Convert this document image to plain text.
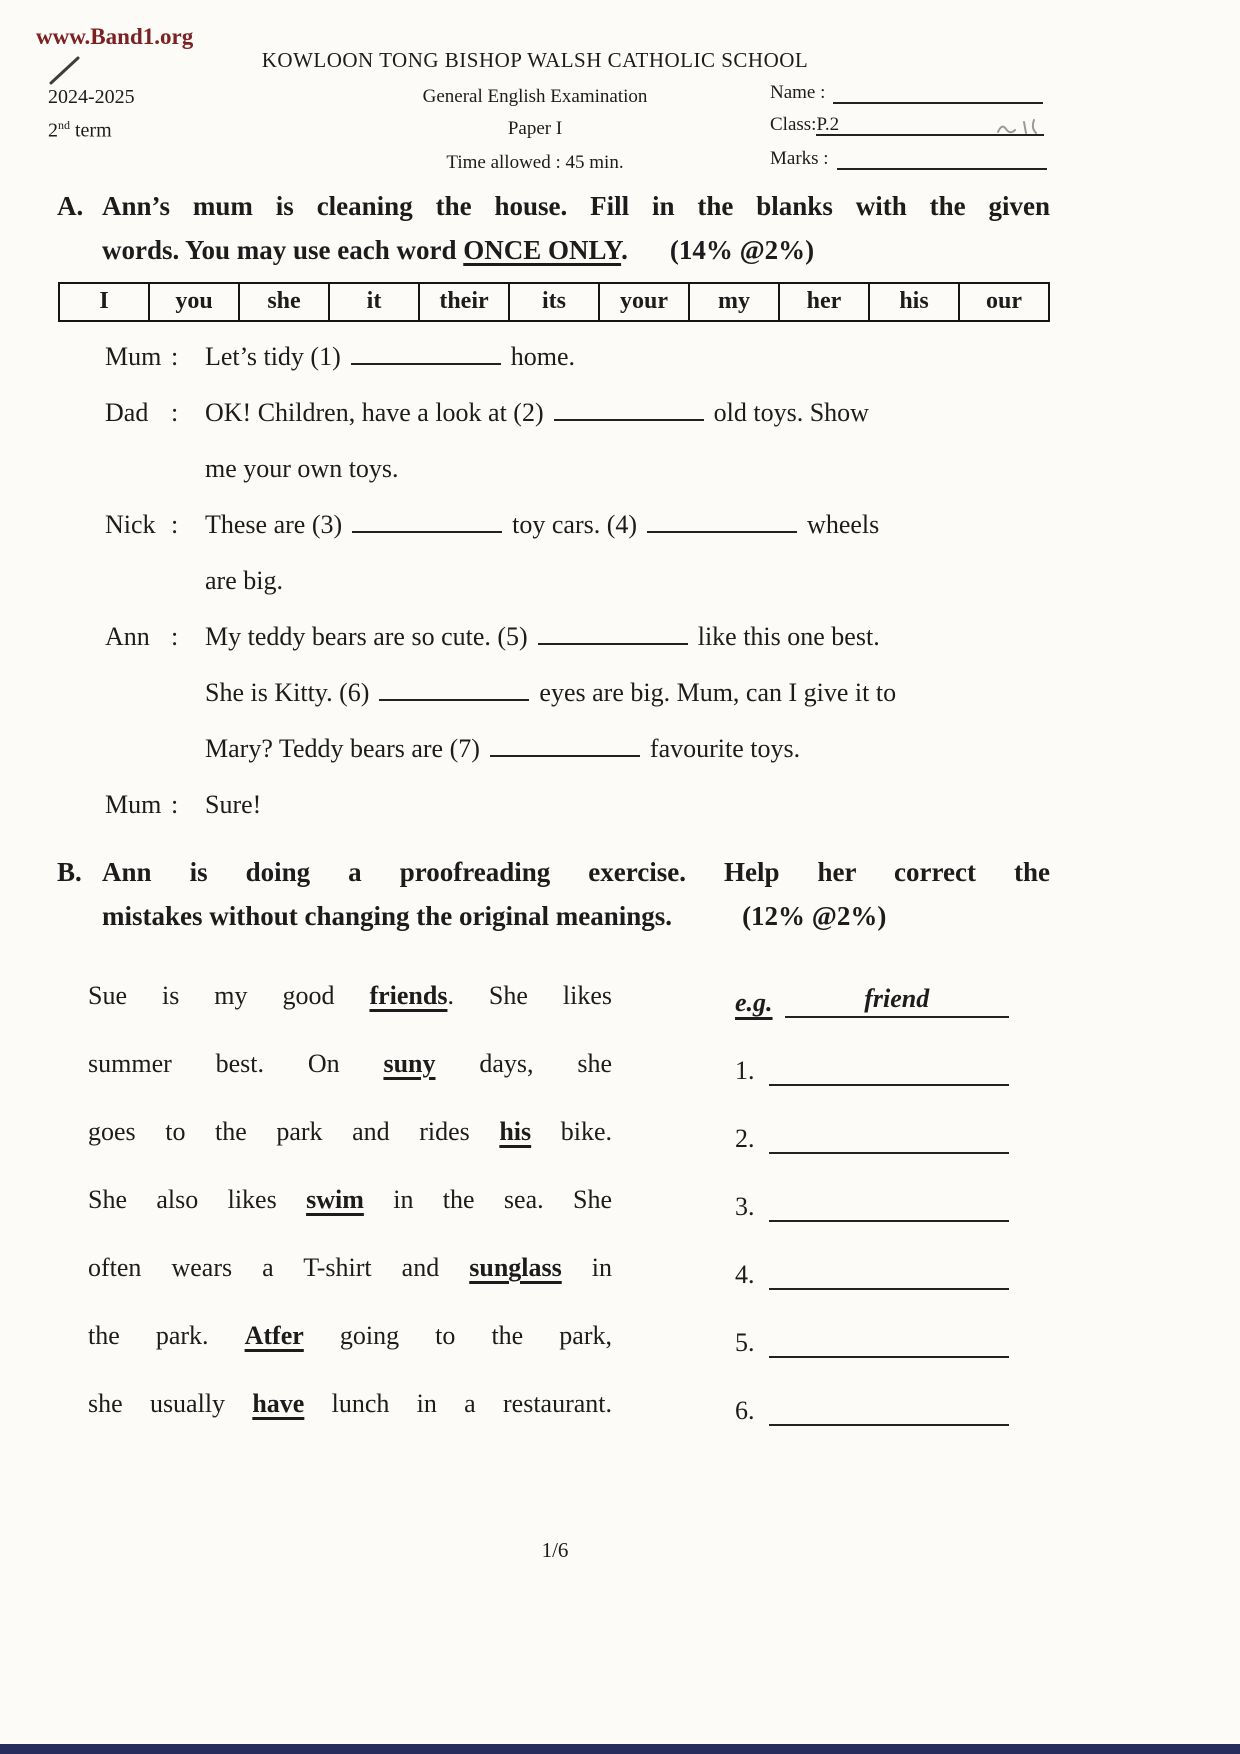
www.Band1.org
KOWLOON TONG BISHOP WALSH CATHOLIC SCHOOL
General English Examination
Paper I
Time allowed : 45 min.
2024-2025
2nd term
Name :
Class: P.2
Marks :
A. Ann’s mum is cleaning the house. Fill in the blanks with the given
words. You may use each word ONCE ONLY. (14% @2%)
I	you	she	it	their	its	your	my	her	his	our
Mum :	Let’s tidy (1)	home.
Dad :	OK! Children, have a look at (2)	old toys. Show
me your own toys.
Nick :	These are (3)	toy cars. (4)	wheels
are big.
Ann :	My teddy bears are so cute. (5)	like this one best.
She is Kitty. (6)	eyes are big. Mum, can I give it to
Mary? Teddy bears are (7)	favourite toys.
Mum :	Sure!
B. Ann is doing a proofreading exercise. Help her correct the
mistakes without changing the original meanings.	(12% @2%)
Sue is my good friends. She likes
summer best. On suny days, she
goes to the park and rides his bike.
She also likes swim in the sea. She
often wears a T-shirt and sunglass in
the park. Atfer going to the park,
she usually have lunch in a restaurant.
e.g.	friend
1.
2.
3.
4.
5.
6.
1/6
